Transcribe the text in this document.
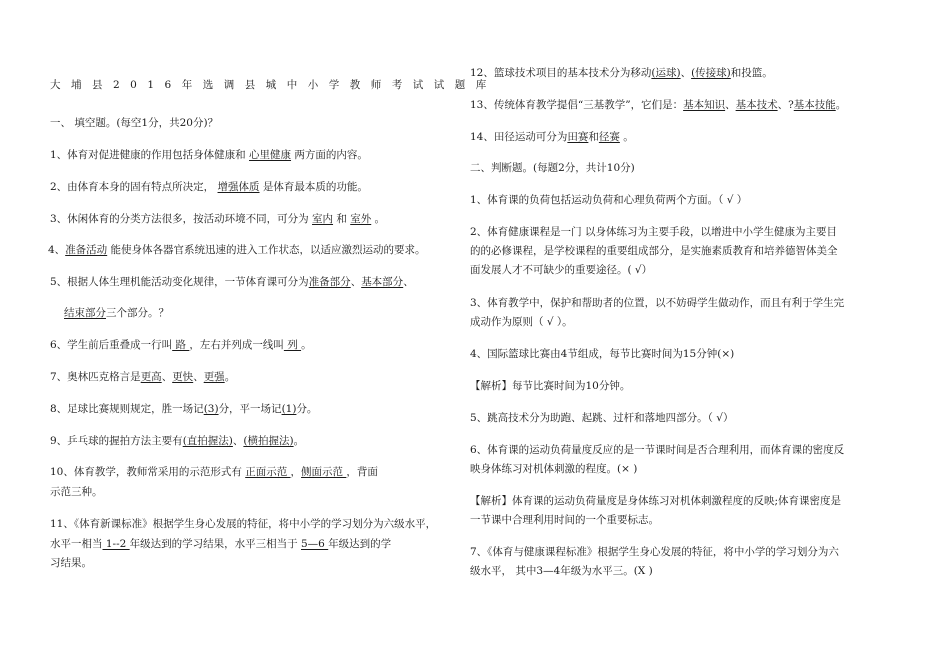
大埔县2016年选调县城中小学教师考试试题库
一、 填空题。(每空1分，共20分)？
1、体育对促进健康的作用包括身体健康和 心里健康 两方面的内容。
2、由体育本身的固有特点所决定， 增强体质 是体育最本质的功能。
3、休闲体育的分类方法很多，按活动环境不同，可分为 室内 和 室外 。
4、准备活动 能使身体各器官系统迅速的进入工作状态，以适应激烈运动的要求。
5、根据人体生理机能活动变化规律，一节体育课可分为准备部分、基本部分、
结束部分三个部分。？
6、学生前后重叠成一行叫 路 ，左右并列成一线叫 列 。
7、奥林匹克格言是更高、更快、更强。
8、足球比赛规则规定，胜一场记(3)分，平一场记(1)分。
9、乒乓球的握拍方法主要有(直拍握法)、(横拍握法)。
10、体育教学，教师常采用的示范形式有 正面示范 ，侧面示范 ，背面
示范三种。
11、《体育新课标准》根据学生身心发展的特征，将中小学的学习划分为六级水平，
水平一相当 1--2 年级达到的学习结果，水平三相当于 5—6 年级达到的学
习结果。
12、篮球技术项目的基本技术分为移动(运球)、(传接球)和投篮。
13、传统体育教学提倡“三基教学”，它们是：基本知识、基本技术、?基本技能。
14、田径运动可分为田赛和径赛 。
二、判断题。(每题2分，共计10分)
1、体育课的负荷包括运动负荷和心理负荷两个方面。（ √ ）
2、体育健康课程是一门 以身体练习为主要手段，以增进中小学生健康为主要目
的的必修课程，是学校课程的重要组成部分，是实施素质教育和培养德智体美全
面发展人才不可缺少的重要途径。( √）
3、体育教学中，保护和帮助者的位置，以不妨碍学生做动作，而且有利于学生完
成动作为原则（ √ ）。
4、国际篮球比赛由4节组成，每节比赛时间为15分钟(×)
【解析】每节比赛时间为10分钟。
5、跳高技术分为助跑、起跳、过杆和落地四部分。（ √）
6、体育课的运动负荷量度反应的是一节课时间是否合理利用，而体育课的密度反
映身体练习对机体刺激的程度。(× )
【解析】体育课的运动负荷量度是身体练习对机体刺激程度的反映;体育课密度是
一节课中合理利用时间的一个重要标志。
7、《体育与健康课程标准》根据学生身心发展的特征，将中小学的学习划分为六
级水平， 其中3—4年级为水平三。(X )
